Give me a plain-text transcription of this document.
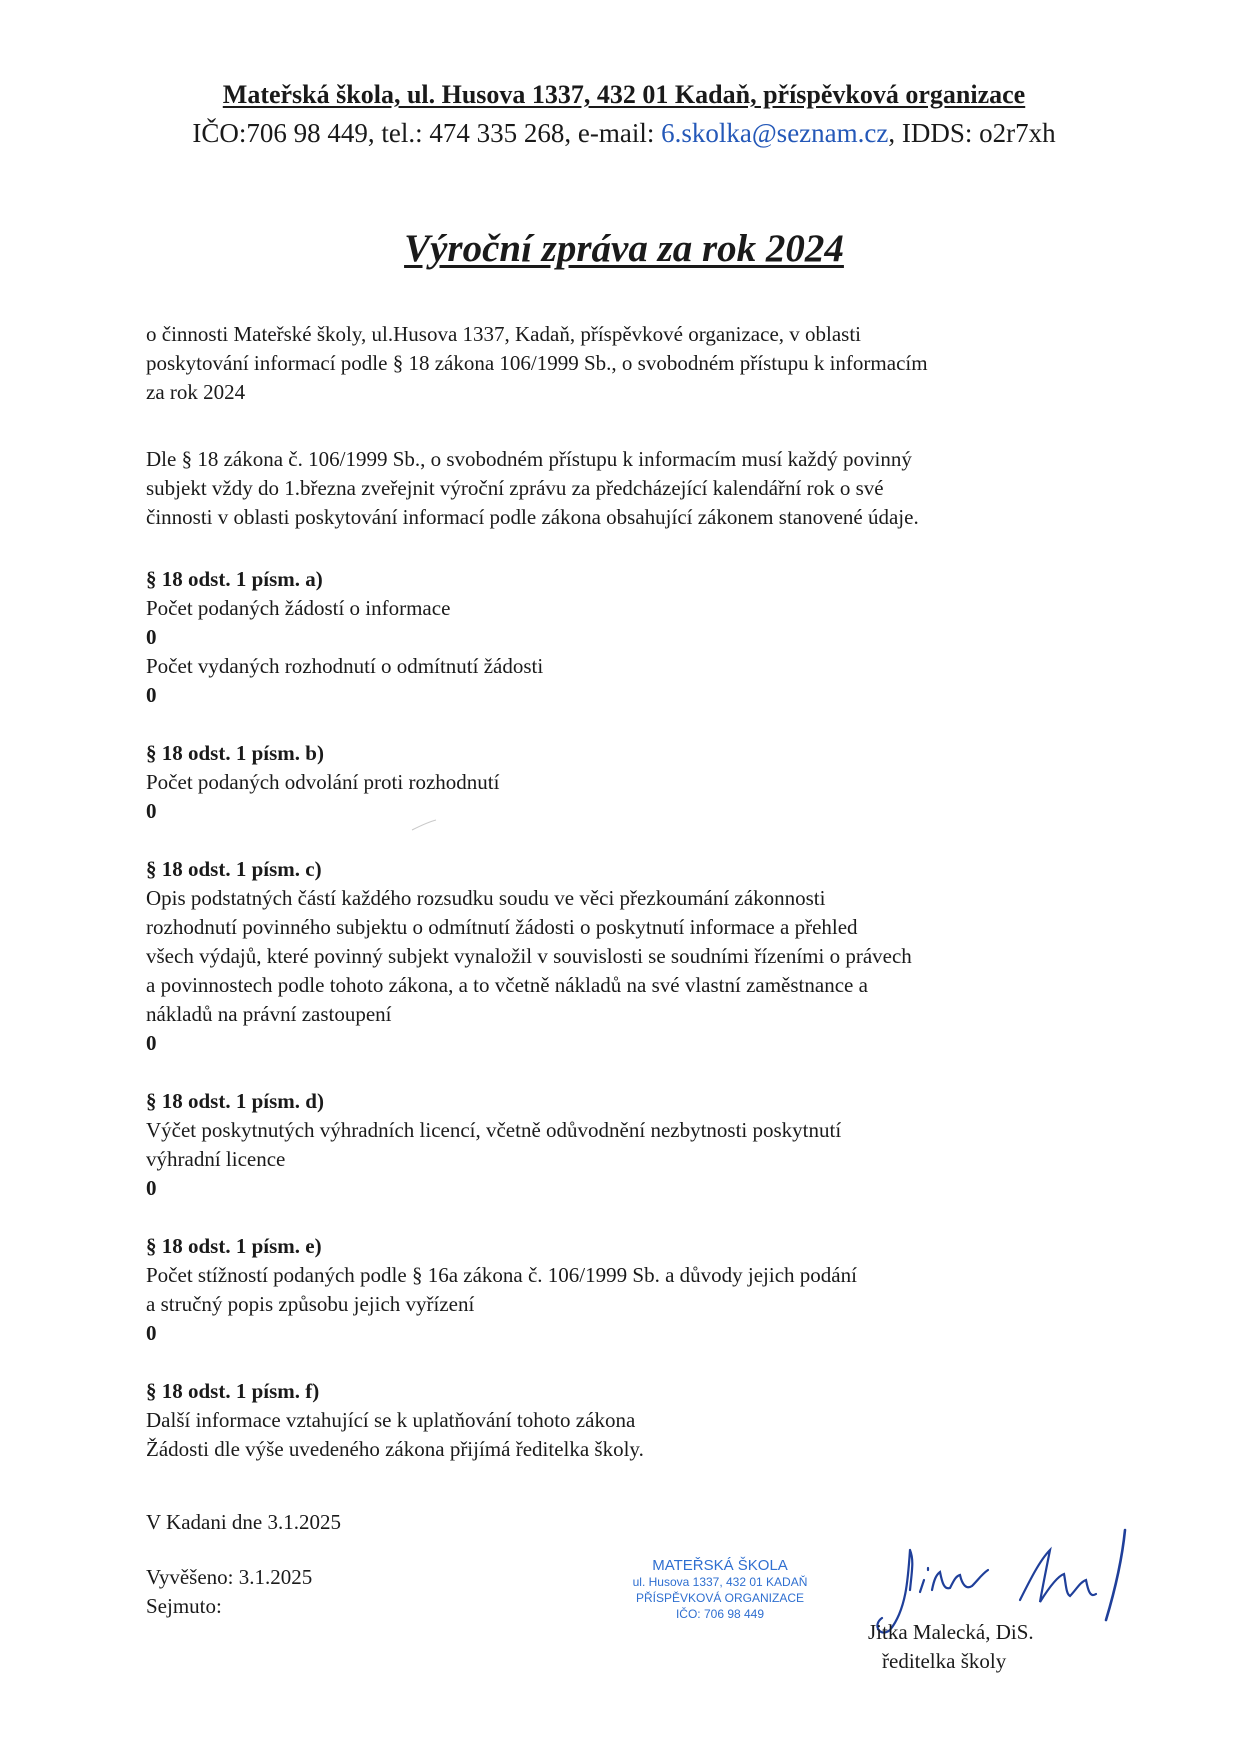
Mateřská škola, ul. Husova 1337, 432 01 Kadaň, příspěvková organizace
IČO:706 98 449, tel.: 474 335 268, e-mail: 6.skolka@seznam.cz, IDDS: o2r7xh
Výroční zpráva za rok 2024
o činnosti Mateřské školy, ul.Husova 1337, Kadaň, příspěvkové organizace, v oblasti
poskytování informací podle § 18 zákona 106/1999 Sb., o svobodném přístupu k informacím
za rok 2024
Dle § 18 zákona č. 106/1999 Sb., o svobodném přístupu k informacím musí každý povinný
subjekt vždy do 1.března zveřejnit výroční zprávu za předcházející kalendářní rok o své
činnosti v oblasti poskytování informací podle zákona obsahující zákonem stanovené údaje.
§ 18 odst. 1 písm. a)
Počet podaných žádostí o informace
0
Počet vydaných rozhodnutí o odmítnutí žádosti
0
§ 18 odst. 1 písm. b)
Počet podaných odvolání proti rozhodnutí
0
§ 18 odst. 1 písm. c)
Opis podstatných částí každého rozsudku soudu ve věci přezkoumání zákonnosti
rozhodnutí povinného subjektu o odmítnutí žádosti o poskytnutí informace a přehled
všech výdajů, které povinný subjekt vynaložil v souvislosti se soudními řízeními o právech
a povinnostech podle tohoto zákona, a to včetně nákladů na své vlastní zaměstnance a
nákladů na právní zastoupení
0
§ 18 odst. 1 písm. d)
Výčet poskytnutých výhradních licencí, včetně odůvodnění nezbytnosti poskytnutí
výhradní licence
0
§ 18 odst. 1 písm. e)
Počet stížností podaných podle § 16a zákona č. 106/1999 Sb. a důvody jejich podání
a stručný popis způsobu jejich vyřízení
0
§ 18 odst. 1 písm. f)
Další informace vztahující se k uplatňování tohoto zákona
Žádosti dle výše uvedeného zákona přijímá ředitelka školy.
V Kadani dne 3.1.2025
Vyvěšeno: 3.1.2025
Sejmuto:
MATEŘSKÁ ŠKOLA
ul. Husova 1337, 432 01 KADAŇ
PŘÍSPĚVKOVÁ ORGANIZACE
IČO: 706 98 449
Jitka Malecká, DiS.
ředitelka školy
